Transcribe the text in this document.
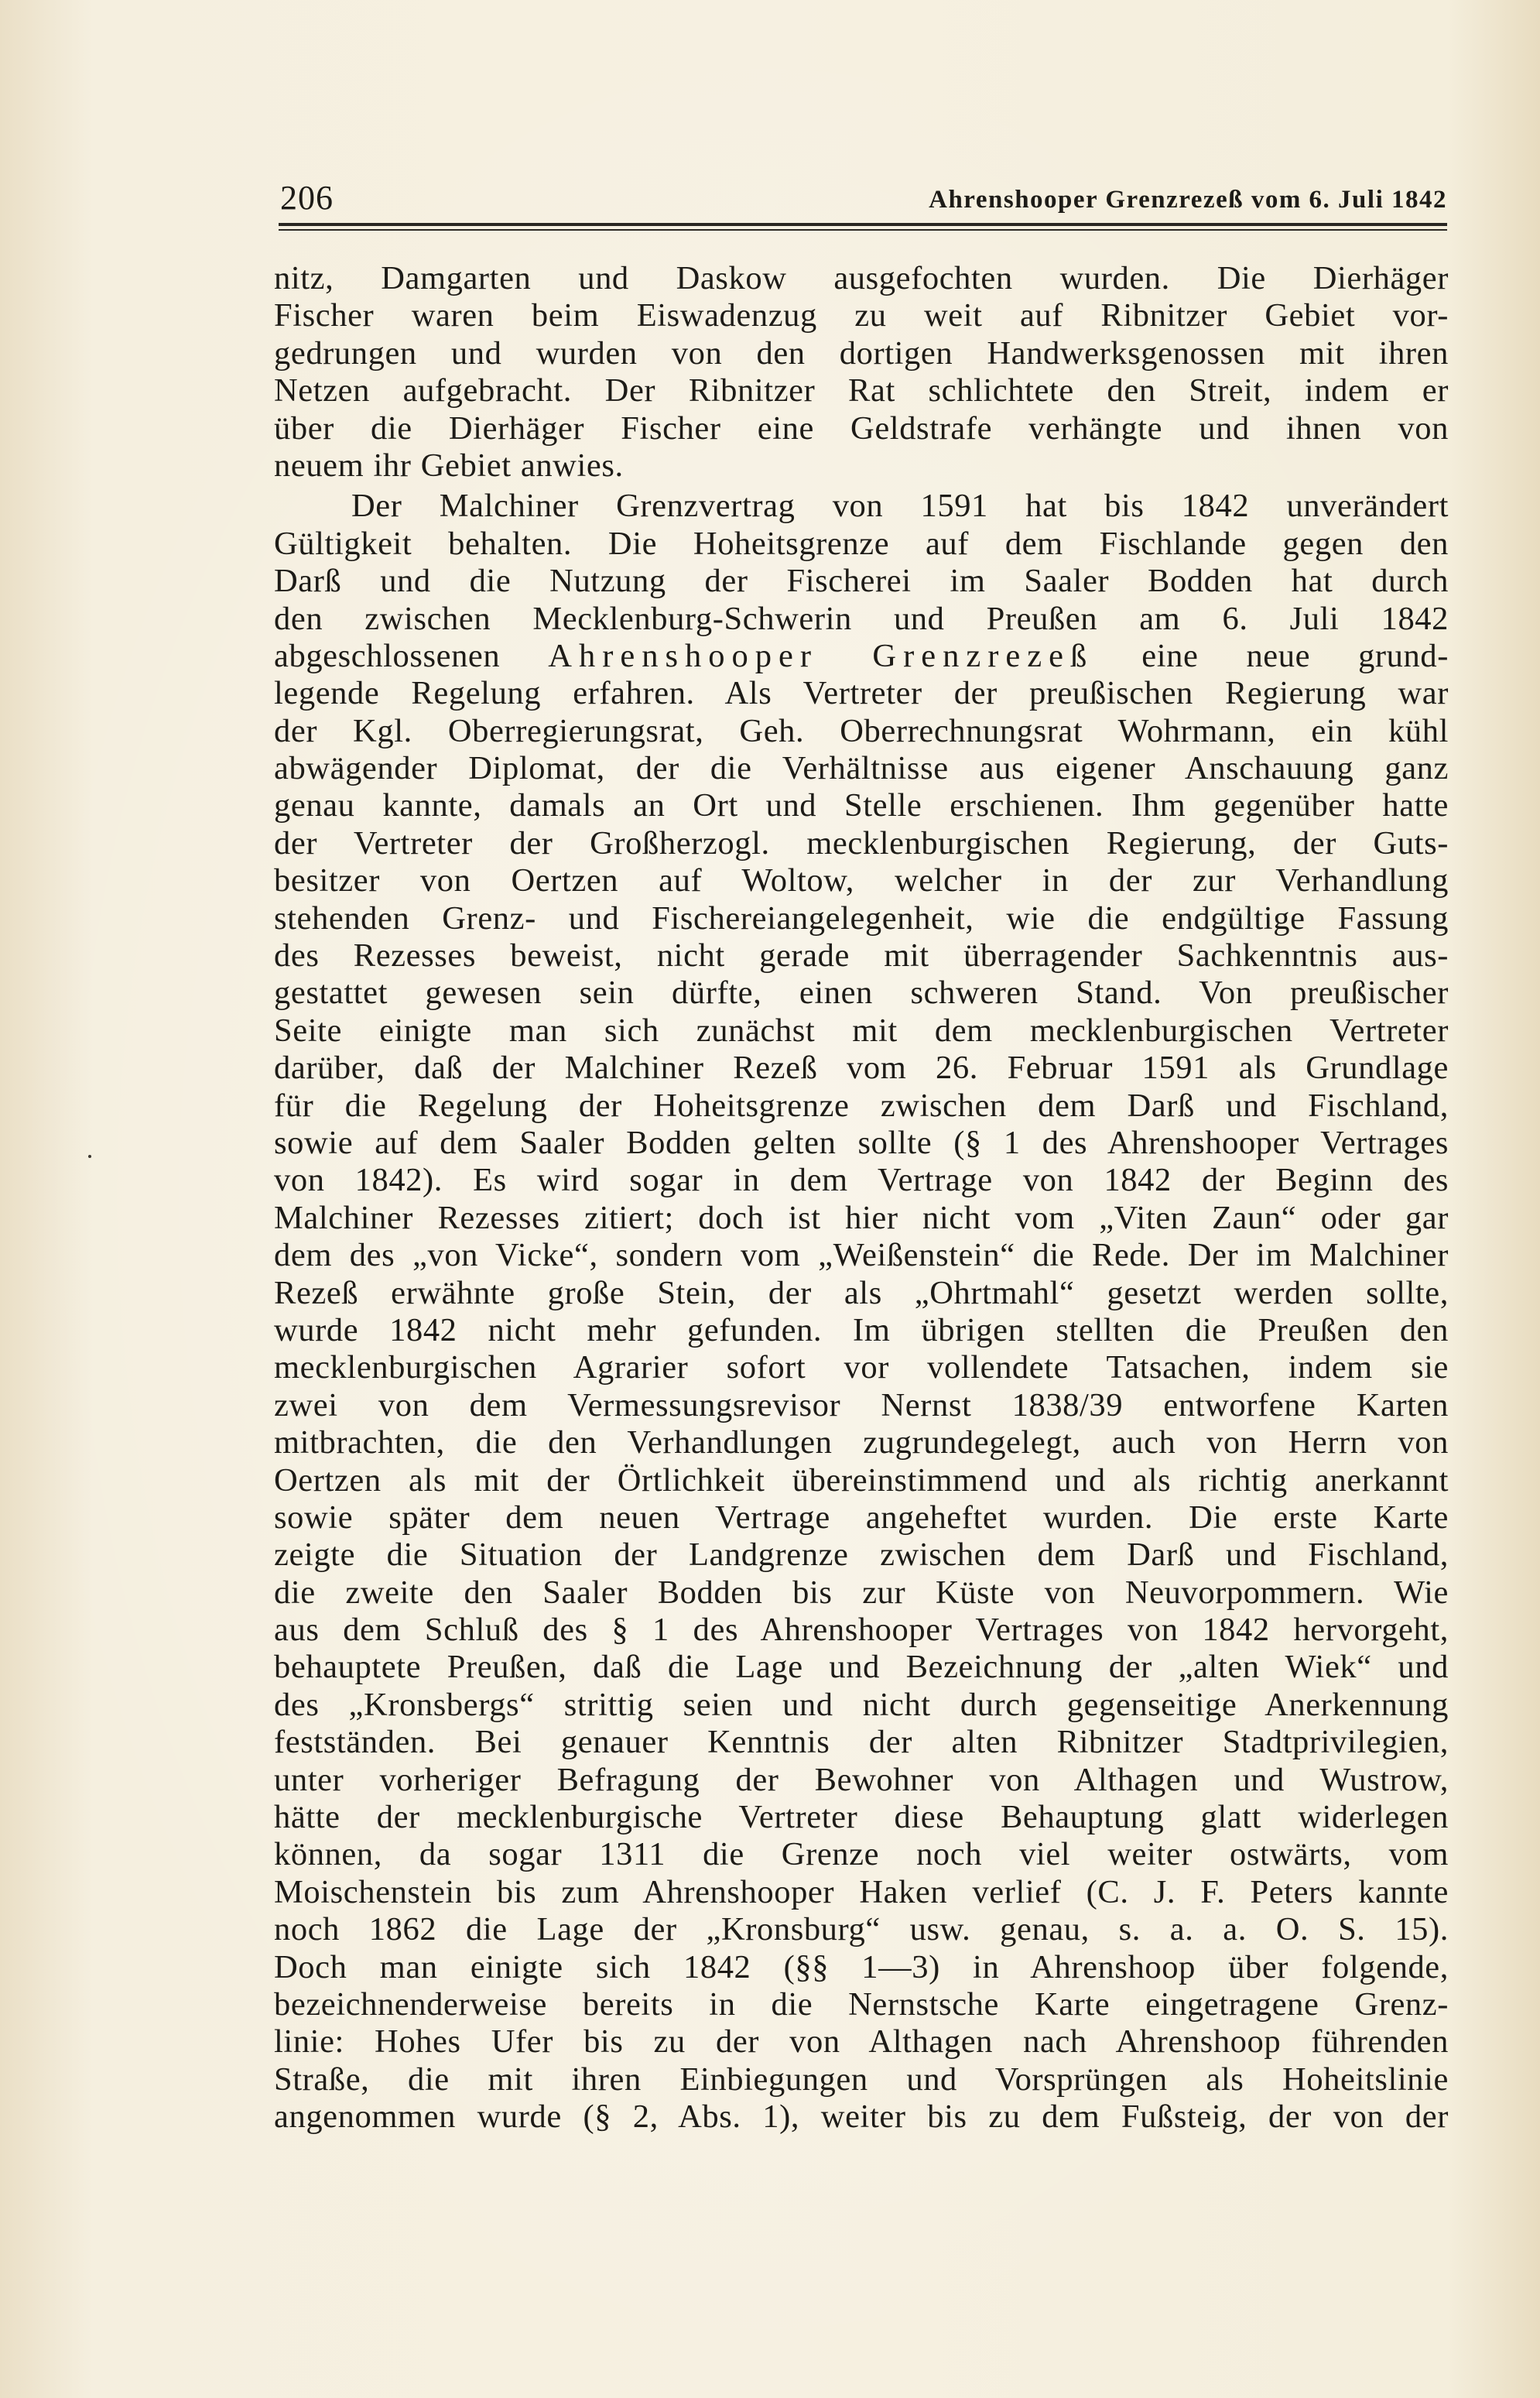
206	Ahrenshooper Grenzrezeß vom 6. Juli 1842
nitz, Damgarten und Daskow ausgefochten wurden. Die Dierhäger
Fischer waren beim Eiswadenzug zu weit auf Ribnitzer Gebiet vor-
gedrungen und wurden von den dortigen Handwerksgenossen mit ihren
Netzen aufgebracht. Der Ribnitzer Rat schlichtete den Streit, indem er
über die Dierhäger Fischer eine Geldstrafe verhängte und ihnen von
neuem ihr Gebiet anwies.
Der Malchiner Grenzvertrag von 1591 hat bis 1842 unverändert
Gültigkeit behalten. Die Hoheitsgrenze auf dem Fischlande gegen den
Darß und die Nutzung der Fischerei im Saaler Bodden hat durch
den zwischen Mecklenburg-Schwerin und Preußen am 6. Juli 1842
abgeschlossenen Ahrenshooper Grenzrezeß eine neue grund-
legende Regelung erfahren. Als Vertreter der preußischen Regierung war
der Kgl. Oberregierungsrat, Geh. Oberrechnungsrat Wohrmann, ein kühl
abwägender Diplomat, der die Verhältnisse aus eigener Anschauung ganz
genau kannte, damals an Ort und Stelle erschienen. Ihm gegenüber hatte
der Vertreter der Großherzogl. mecklenburgischen Regierung, der Guts-
besitzer von Oertzen auf Woltow, welcher in der zur Verhandlung
stehenden Grenz- und Fischereiangelegenheit, wie die endgültige Fassung
des Rezesses beweist, nicht gerade mit überragender Sachkenntnis aus-
gestattet gewesen sein dürfte, einen schweren Stand. Von preußischer
Seite einigte man sich zunächst mit dem mecklenburgischen Vertreter
darüber, daß der Malchiner Rezeß vom 26. Februar 1591 als Grundlage
für die Regelung der Hoheitsgrenze zwischen dem Darß und Fischland,
sowie auf dem Saaler Bodden gelten sollte (§ 1 des Ahrenshooper Vertrages
von 1842). Es wird sogar in dem Vertrage von 1842 der Beginn des
Malchiner Rezesses zitiert; doch ist hier nicht vom „Viten Zaun“ oder gar
dem des „von Vicke“, sondern vom „Weißenstein“ die Rede. Der im Malchiner
Rezeß erwähnte große Stein, der als „Ohrtmahl“ gesetzt werden sollte,
wurde 1842 nicht mehr gefunden. Im übrigen stellten die Preußen den
mecklenburgischen Agrarier sofort vor vollendete Tatsachen, indem sie
zwei von dem Vermessungsrevisor Nernst 1838/39 entworfene Karten
mitbrachten, die den Verhandlungen zugrundegelegt, auch von Herrn von
Oertzen als mit der Örtlichkeit übereinstimmend und als richtig anerkannt
sowie später dem neuen Vertrage angeheftet wurden. Die erste Karte
zeigte die Situation der Landgrenze zwischen dem Darß und Fischland,
die zweite den Saaler Bodden bis zur Küste von Neuvorpommern. Wie
aus dem Schluß des § 1 des Ahrenshooper Vertrages von 1842 hervorgeht,
behauptete Preußen, daß die Lage und Bezeichnung der „alten Wiek“ und
des „Kronsbergs“ strittig seien und nicht durch gegenseitige Anerkennung
festständen. Bei genauer Kenntnis der alten Ribnitzer Stadtprivilegien,
unter vorheriger Befragung der Bewohner von Althagen und Wustrow,
hätte der mecklenburgische Vertreter diese Behauptung glatt widerlegen
können, da sogar 1311 die Grenze noch viel weiter ostwärts, vom
Moischenstein bis zum Ahrenshooper Haken verlief (C. J. F. Peters kannte
noch 1862 die Lage der „Kronsburg“ usw. genau, s. a. a. O. S. 15).
Doch man einigte sich 1842 (§§ 1—3) in Ahrenshoop über folgende,
bezeichnenderweise bereits in die Nernstsche Karte eingetragene Grenz-
linie: Hohes Ufer bis zu der von Althagen nach Ahrenshoop führenden
Straße, die mit ihren Einbiegungen und Vorsprüngen als Hoheitslinie
angenommen wurde (§ 2, Abs. 1), weiter bis zu dem Fußsteig, der von der
